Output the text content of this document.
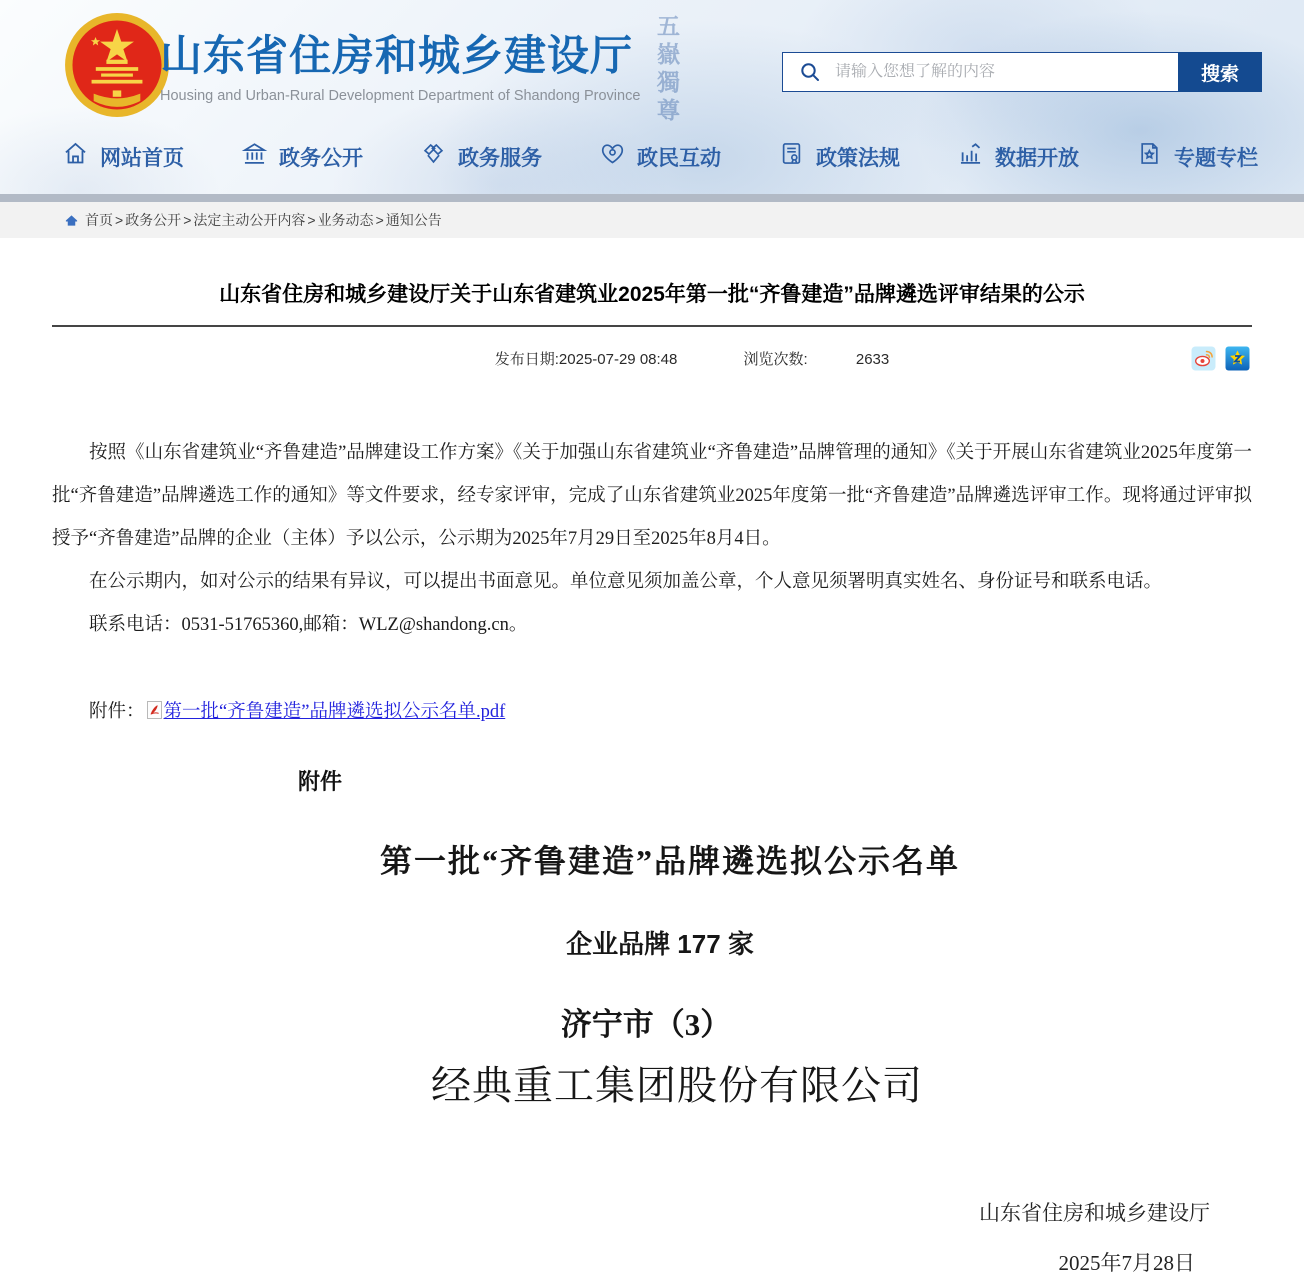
山东省住房和城乡建设厅
Housing and Urban-Rural Development Department of Shandong Province 五嶽獨尊
请输入您想了解的内容	搜索
网站首页	政务公开	政务服务	政民互动	政策法规	数据开放	专题专栏
首页 > 政务公开 > 法定主动公开内容 > 业务动态 > 通知公告
山东省住房和城乡建设厅关于山东省建筑业2025年第一批“齐鲁建造”品牌遴选评审结果的公示
发布日期:2025-07-29 08:48	浏览次数:	2633

按照《山东省建筑业“齐鲁建造”品牌建设工作方案》《关于加强山东省建筑业“齐鲁建造”品牌管理的通知》《关于开展山东省建筑业2025年度第一批“齐鲁建造”品牌遴选工作的通知》等文件要求，经专家评审，完成了山东省建筑业2025年度第一批“齐鲁建造”品牌遴选评审工作。现将通过评审拟授予“齐鲁建造”品牌的企业（主体）予以公示，公示期为2025年7月29日至2025年8月4日。

在公示期内，如对公示的结果有异议，可以提出书面意见。单位意见须加盖公章，个人意见须署明真实姓名、身份证号和联系电话。

联系电话：0531-51765360,邮箱：WLZ@shandong.cn。

附件： 第一批“齐鲁建造”品牌遴选拟公示名单.pdf
附件
第一批“齐鲁建造”品牌遴选拟公示名单
企业品牌 177 家
济宁市（3）
经典重工集团股份有限公司
山东省住房和城乡建设厅
2025年7月28日
